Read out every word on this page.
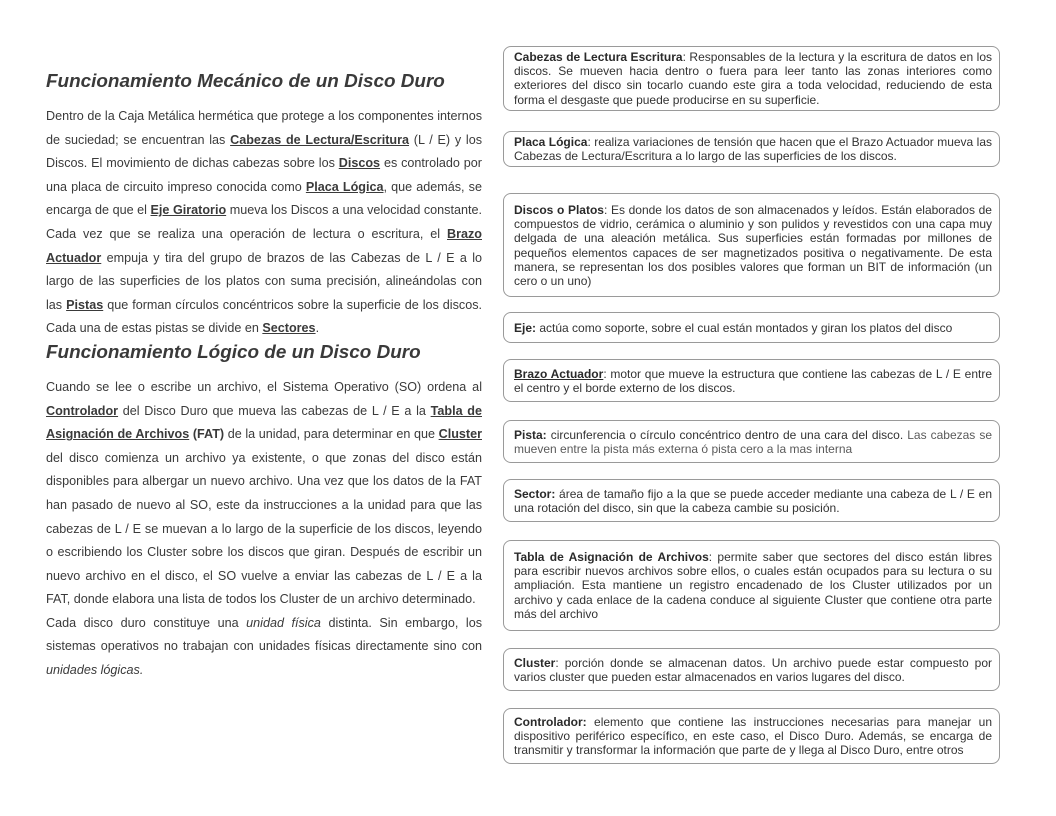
Funcionamiento Mecánico de un Disco Duro

Dentro de la Caja Metálica hermética que protege a los componentes internos de suciedad; se encuentran las Cabezas de Lectura/Escritura (L / E) y los Discos. El movimiento de dichas cabezas sobre los Discos es controlado por una placa de circuito impreso conocida como Placa Lógica, que además, se encarga de que el Eje Giratorio mueva los Discos a una velocidad constante. Cada vez que se realiza una operación de lectura o escritura, el Brazo Actuador empuja y tira del grupo de brazos de las Cabezas de L / E a lo largo de las superficies de los platos con suma precisión, alineándolas con las Pistas que forman círculos concéntricos sobre la superficie de los discos. Cada una de estas pistas se divide en Sectores.

Funcionamiento Lógico de un Disco Duro

Cuando se lee o escribe un archivo, el Sistema Operativo (SO) ordena al Controlador del Disco Duro que mueva las cabezas de L / E a la Tabla de Asignación de Archivos (FAT) de la unidad, para determinar en que Cluster del disco comienza un archivo ya existente, o que zonas del disco están disponibles para albergar un nuevo archivo. Una vez que los datos de la FAT han pasado de nuevo al SO, este da instrucciones a la unidad para que las cabezas de L / E se muevan a lo largo de la superficie de los discos, leyendo o escribiendo los Cluster sobre los discos que giran. Después de escribir un nuevo archivo en el disco, el SO vuelve a enviar las cabezas de L / E a la FAT, donde elabora una lista de todos los Cluster de un archivo determinado.

Cada disco duro constituye una unidad física distinta. Sin embargo, los sistemas operativos no trabajan con unidades físicas directamente sino con unidades lógicas.

Cabezas de Lectura Escritura: Responsables de la lectura y la escritura de datos en los discos. Se mueven hacia dentro o fuera para leer tanto las zonas interiores como exteriores del disco sin tocarlo cuando este gira a toda velocidad, reduciendo de esta forma el desgaste que puede producirse en su superficie.
Placa Lógica: realiza variaciones de tensión que hacen que el Brazo Actuador mueva las Cabezas de Lectura/Escritura a lo largo de las superficies de los discos.
Discos o Platos: Es donde los datos de son almacenados y leídos. Están elaborados de compuestos de vidrio, cerámica o aluminio y son pulidos y revestidos con una capa muy delgada de una aleación metálica. Sus superficies están formadas por millones de pequeños elementos capaces de ser magnetizados positiva o negativamente. De esta manera, se representan los dos posibles valores que forman un BIT de información (un cero o un uno)
Eje: actúa como soporte, sobre el cual están montados y giran los platos del disco
Brazo Actuador: motor que mueve la estructura que contiene las cabezas de L / E entre el centro y el borde externo de los discos.
Pista: circunferencia o círculo concéntrico dentro de una cara del disco. Las cabezas se mueven entre la pista más externa ó pista cero a la mas interna
Sector: área de tamaño fijo a la que se puede acceder mediante una cabeza de L / E en una rotación del disco, sin que la cabeza cambie su posición.
Tabla de Asignación de Archivos: permite saber que sectores del disco están libres para escribir nuevos archivos sobre ellos, o cuales están ocupados para su lectura o su ampliación. Esta mantiene un registro encadenado de los Cluster utilizados por un archivo y cada enlace de la cadena conduce al siguiente Cluster que contiene otra parte más del archivo
Cluster: porción donde se almacenan datos. Un archivo puede estar compuesto por varios cluster que pueden estar almacenados en varios lugares del disco.
Controlador: elemento que contiene las instrucciones necesarias para manejar un dispositivo periférico específico, en este caso, el Disco Duro. Además, se encarga de transmitir y transformar la información que parte de y llega al Disco Duro, entre otros
